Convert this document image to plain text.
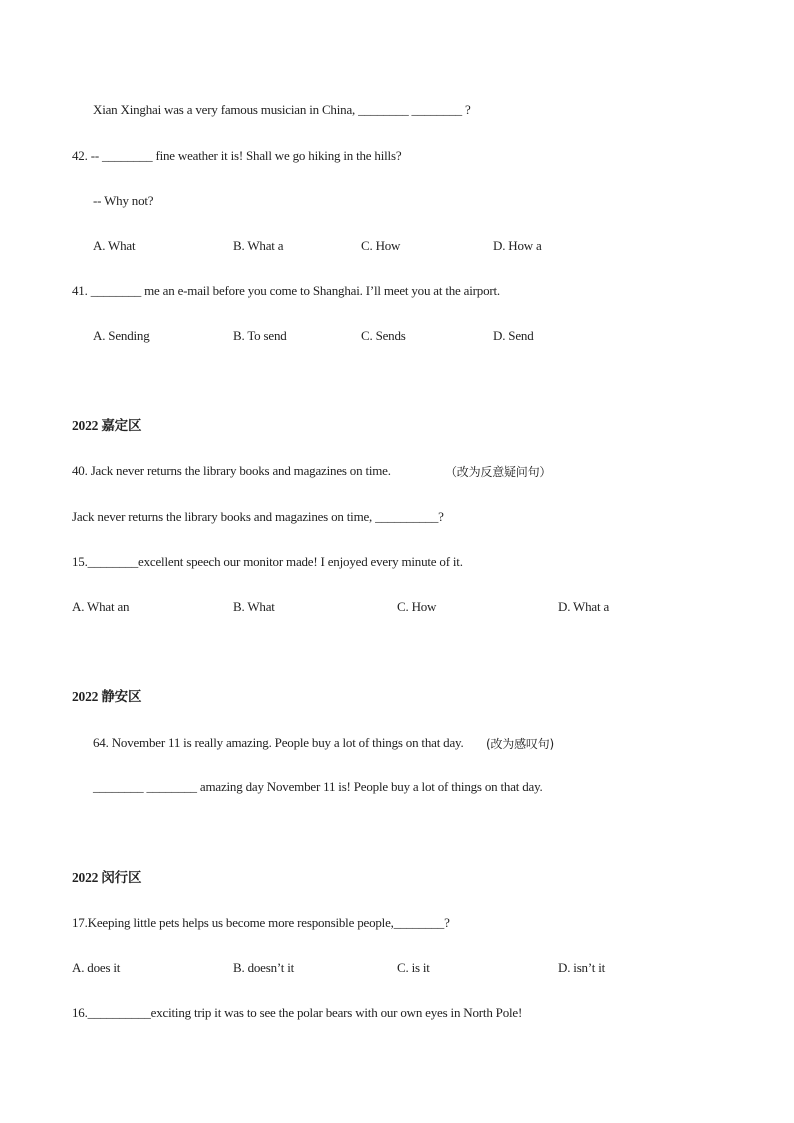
Xian Xinghai was a very famous musician in China, ________ ________ ?
42. -- ________ fine weather it is! Shall we go hiking in the hills?
-- Why not?
A. What	B. What a	C. How	D. How a
41. ________ me an e-mail before you come to Shanghai. I’ll meet you at the airport.
A. Sending	B. To send	C. Sends	D. Send
2022 嘉定区
40. Jack never returns the library books and magazines on time.	（改为反意疑问句）
Jack never returns the library books and magazines on time, __________?
15.________excellent speech our monitor made! I enjoyed every minute of it.
A. What an	B. What	C. How	D. What a
2022 静安区
64. November 11 is really amazing. People buy a lot of things on that day. (改为感叹句)
________ ________ amazing day November 11 is! People buy a lot of things on that day.
2022 闵行区
17.Keeping little pets helps us become more responsible people,________?
A. does it	B. doesn’t it	C. is it	D. isn’t it
16.__________exciting trip it was to see the polar bears with our own eyes in North Pole!
